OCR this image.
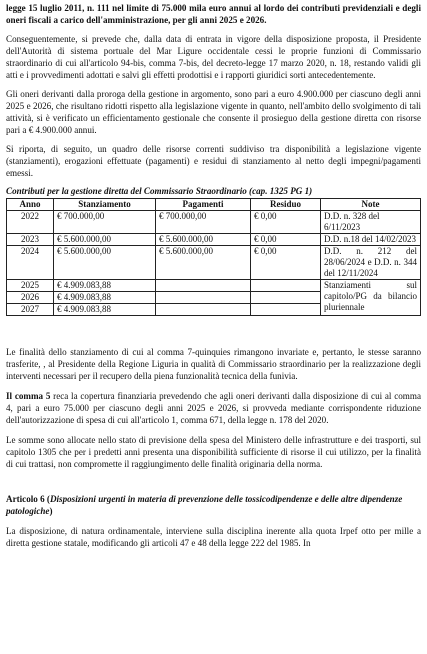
legge 15 luglio 2011, n. 111 nel limite di 75.000 mila euro annui al lordo dei contributi previdenziali e degli oneri fiscali a carico dell'amministrazione, per gli anni 2025 e 2026.

Conseguentemente, si prevede che, dalla data di entrata in vigore della disposizione proposta, il Presidente dell'Autorità di sistema portuale del Mar Ligure occidentale cessi le proprie funzioni di Commissario straordinario di cui all'articolo 94-bis, comma 7-bis, del decreto-legge 17 marzo 2020, n. 18, restando validi gli atti e i provvedimenti adottati e salvi gli effetti prodottisi e i rapporti giuridici sorti antecedentemente.

Gli oneri derivanti dalla proroga della gestione in argomento, sono pari a euro 4.900.000 per ciascuno degli anni 2025 e 2026, che risultano ridotti rispetto alla legislazione vigente in quanto, nell'ambito dello svolgimento di tali attività, si è verificato un efficientamento gestionale che consente il prosieguo della gestione diretta con risorse pari a € 4.900.000 annui.

Si riporta, di seguito, un quadro delle risorse correnti suddiviso tra disponibilità a legislazione vigente (stanziamenti), erogazioni effettuate (pagamenti) e residui di stanziamento al netto degli impegni/pagamenti emessi.

Contributi per la gestione diretta del Commissario Straordinario (cap. 1325 PG 1)

Anno	Stanziamento	Pagamenti	Residuo	Note
2022	€ 700.000,00	€ 700.000,00	€ 0,00	D.D. n. 328 del 6/11/2023
2023	€ 5.600.000,00	€ 5.600.000,00	€ 0,00	D.D. n.18 del 14/02/2023
2024	€ 5.600.000,00	€ 5.600.000,00	€ 0,00	D.D. n. 212 del 28/06/2024 e D.D. n. 344 del 12/11/2024
2025	€ 4.909.083,88			Stanziamenti sul capitolo/PG da bilancio pluriennale
2026	€ 4.909.083,88			
2027	€ 4.909.083,88			

Le finalità dello stanziamento di cui al comma 7-quinquies rimangono invariate e, pertanto, le stesse saranno trasferite, , al Presidente della Regione Liguria in qualità di Commissario straordinario per la realizzazione degli interventi necessari per il recupero della piena funzionalità tecnica della funivia.

Il comma 5 reca la copertura finanziaria prevedendo che agli oneri derivanti dalla disposizione di cui al comma 4, pari a euro 75.000 per ciascuno degli anni 2025 e 2026, si provveda mediante corrispondente riduzione dell'autorizzazione di spesa di cui all'articolo 1, comma 671, della legge n. 178 del 2020.

Le somme sono allocate nello stato di previsione della spesa del Ministero delle infrastrutture e dei trasporti, sul capitolo 1305 che per i predetti anni presenta una disponibilità sufficiente di risorse il cui utilizzo, per la finalità di cui trattasi, non compromette il raggiungimento delle finalità originaria della norma.

Articolo 6 (Disposizioni urgenti in materia di prevenzione delle tossicodipendenze e delle altre dipendenze patologiche)

La disposizione, di natura ordinamentale, interviene sulla disciplina inerente alla quota Irpef otto per mille a diretta gestione statale, modificando gli articoli 47 e 48 della legge 222 del 1985. In
